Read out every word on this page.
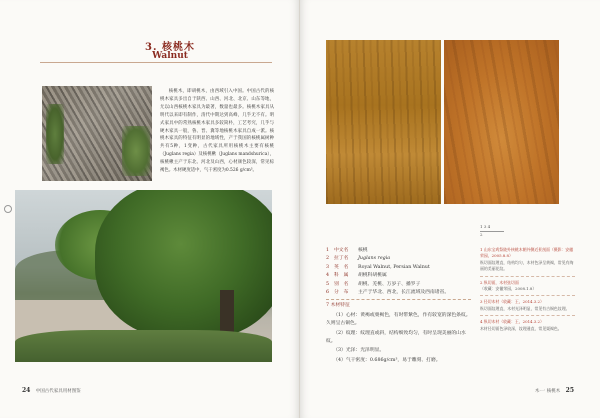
3. 核桃木
Walnut

核桃木，即胡桃木，由西域引入中国。中国古代的核桃木家具多出自于陕西、山西、河北、北京、山东等地，尤以山西核桃木家具为最著，数量也最多。核桃木家具从明代以来即有制作，清代中期达到高峰，几乎无不有。明式家具中的常熟核桃木家具多较简朴，工艺考究，几乎与硬木家具一般，鲁、晋、冀等地核桃木家具自成一派。核桃木家具的特征有明显的地域性，产于我国的核桃属树种共有5种，1变种，古代家具所用核桃木主要有核桃（Juglans regia）及核桃楸（Juglans mandshurica），核桃楸主产于东北、河北及山西，心材颜色较深，常见棕褐色。木材硬度适中，气干密度为0.526 g/cm³。

24 中国古代家具用材图鉴
1 3 4
2
1	中文名	核桃
2	拉丁名	Juglans regia
3	英　名	Royal Walnut, Persian Walnut
4	科　属	胡桃科胡桃属
5	别　名	胡桃、羌桃、万岁子、播罗子
6	分　布	主产于华北、西北，长江流域及西南诸省。
7 木材特征
（1）心材：黄褐或栗褐色，有时带紫色，作有较宽的深色条纹。久则呈古铜色。
（2）纹理：纹理直或斜，结构细致均匀，有时呈现美丽的山水纹。
（3）光泽：光泽明显。
（4）气干密度：0.686g/cm³，易于雕刻、打磨。
1 山东宝鸡祭陵外核桃木朝外侧近景剖面（摄影：安徽荣园，2005.8.8）
纵切面纹理直，结构均匀，木材色泽呈黄褐，常见有绚丽的美丽花纹。
2 纵切面，木材弦切面
（收藏：安徽荣园，2008.1.8）
3 径切木材（收藏：王，2014.3.2）
纵切面纹理直，木材光泽明显，常见有古铜色纹理。
4 纵切木材（收藏：王，2014.3.2）
木材径切面色泽较深，纹理通直，常见栗褐色。
木·一 核桃木 25
